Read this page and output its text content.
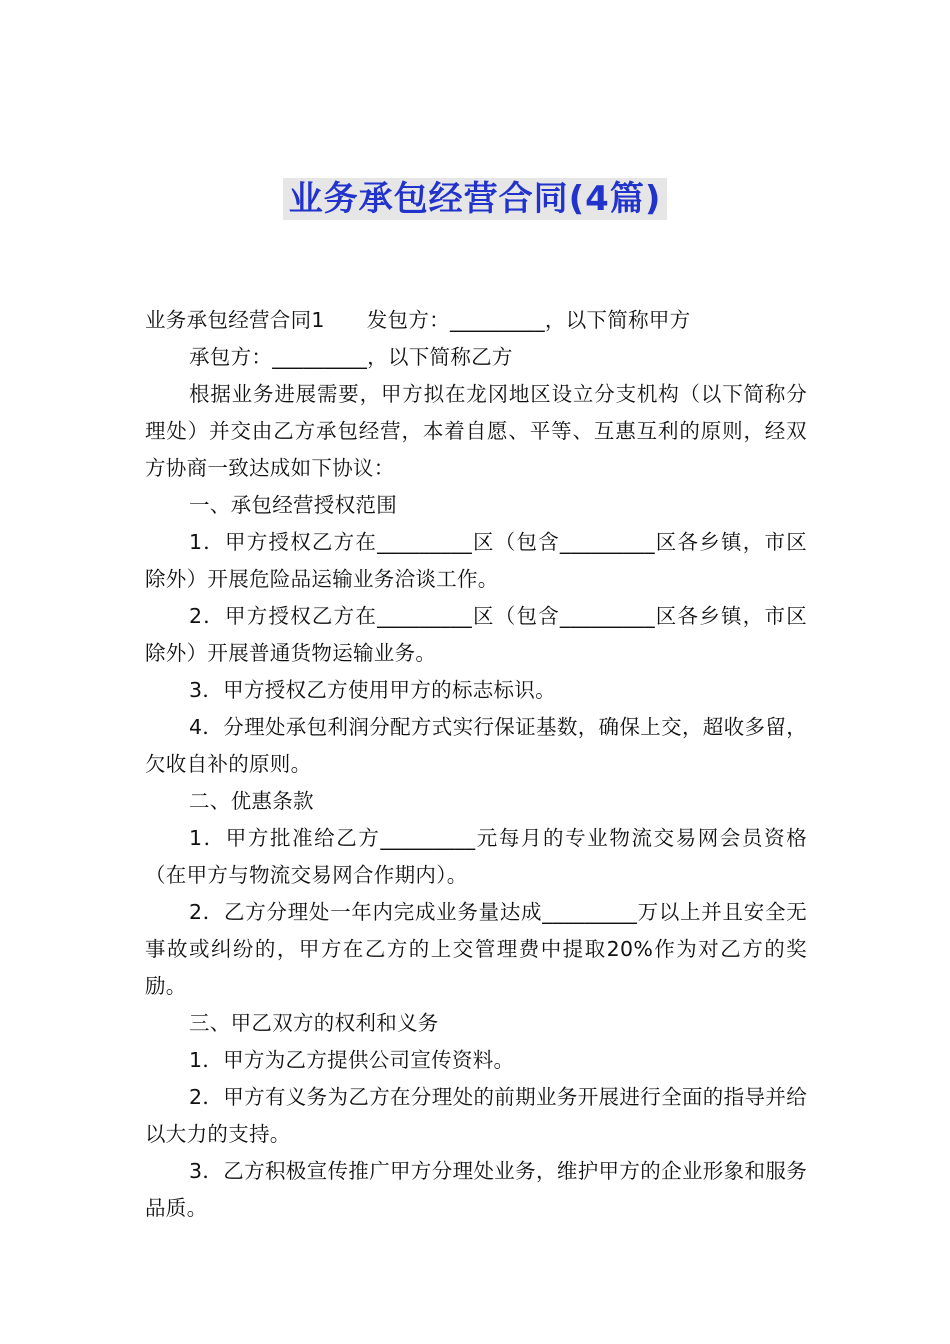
业务承包经营合同(4篇)

业务承包经营合同1 发包方：_________，以下简称甲方

承包方：_________，以下简称乙方

根据业务进展需要，甲方拟在龙冈地区设立分支机构（以下简称分理处）并交由乙方承包经营，本着自愿、平等、互惠互利的原则，经双方协商一致达成如下协议：

一、承包经营授权范围

1．甲方授权乙方在_________区（包含_________区各乡镇，市区除外）开展危险品运输业务洽谈工作。

2．甲方授权乙方在_________区（包含_________区各乡镇，市区除外）开展普通货物运输业务。

3．甲方授权乙方使用甲方的标志标识。

4．分理处承包利润分配方式实行保证基数，确保上交，超收多留，欠收自补的原则。

二、优惠条款

1．甲方批准给乙方_________元每月的专业物流交易网会员资格（在甲方与物流交易网合作期内）。

2．乙方分理处一年内完成业务量达成_________万以上并且安全无事故或纠纷的，甲方在乙方的上交管理费中提取20%作为对乙方的奖励。

三、甲乙双方的权利和义务

1．甲方为乙方提供公司宣传资料。

2．甲方有义务为乙方在分理处的前期业务开展进行全面的指导并给以大力的支持。

3．乙方积极宣传推广甲方分理处业务，维护甲方的企业形象和服务品质。
